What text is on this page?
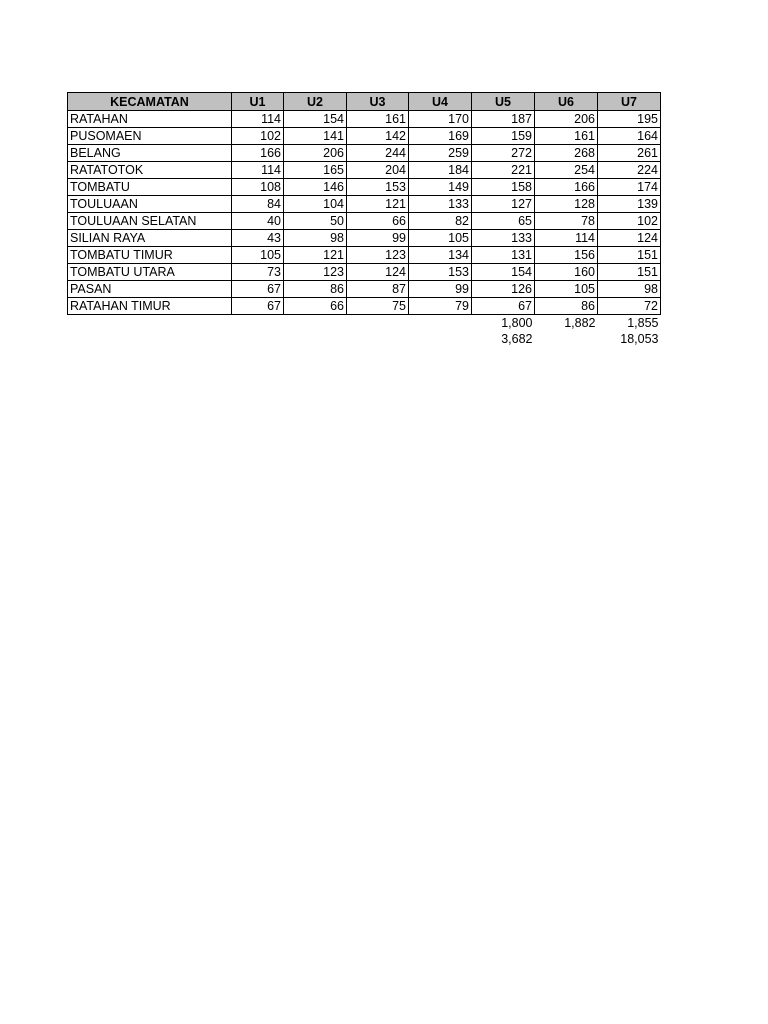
KECAMATAN	U1	U2	U3	U4	U5	U6	U7
RATAHAN	114	154	161	170	187	206	195
PUSOMAEN	102	141	142	169	159	161	164
BELANG	166	206	244	259	272	268	261
RATATOTOK	114	165	204	184	221	254	224
TOMBATU	108	146	153	149	158	166	174
TOULUAAN	84	104	121	133	127	128	139
TOULUAAN SELATAN	40	50	66	82	65	78	102
SILIAN RAYA	43	98	99	105	133	114	124
TOMBATU TIMUR	105	121	123	134	131	156	151
TOMBATU UTARA	73	123	124	153	154	160	151
PASAN	67	86	87	99	126	105	98
RATAHAN TIMUR	67	66	75	79	67	86	72
					1,800	1,882	1,855
					3,682		18,053
